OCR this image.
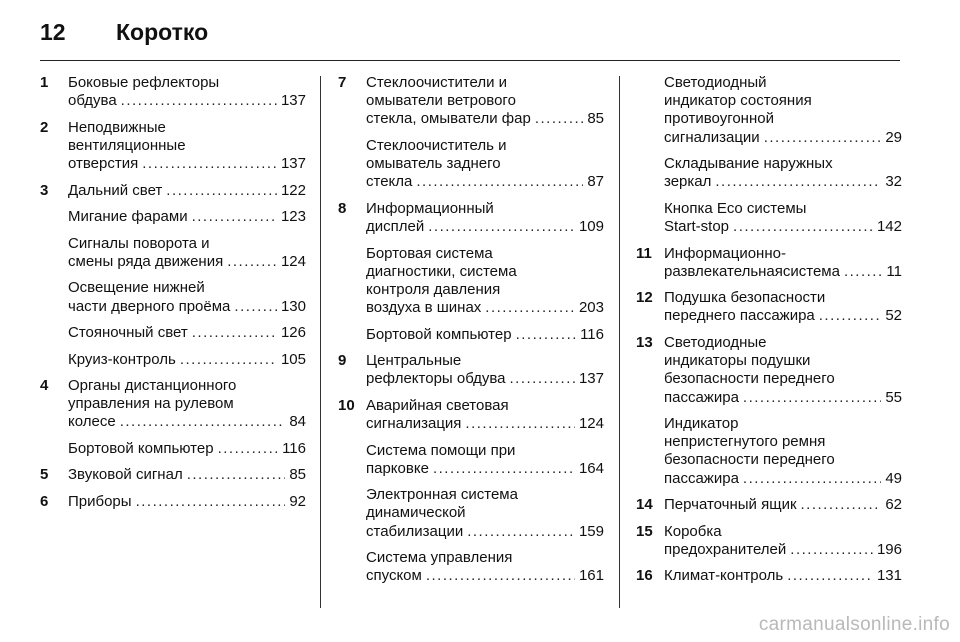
12	Коротко
1	Боковые рефлекторы
обдува .....	137
2	Неподвижные
вентиляционные
отверстия .....	137
3	Дальний свет .....	122
Мигание фарами .....	123
Сигналы поворота и
смены ряда движения .....	124
Освещение нижней
части дверного проёма .....	130
Стояночный свет .....	126
Круиз-контроль .....	105
4	Органы дистанционного
управления на рулевом
колесе .....	84
Бортовой компьютер .....	116
5	Звуковой сигнал .....	85
6	Приборы .....	92
7	Стеклоочистители и
омыватели ветрового
стекла, омыватели фар .....	85
Стеклоочиститель и
омыватель заднего
стекла .....	87
8	Информационный
дисплей .....	109
Бортовая система
диагностики, система
контроля давления
воздуха в шинах .....	203
Бортовой компьютер .....	116
9	Центральные
рефлекторы обдува .....	137
10 Аварийная световая
сигнализация .....	124
Система помощи при
парковке .....	164
Электронная система
динамической
стабилизации .....	159
Система управления
спуском .....	161
Светодиодный
индикатор состояния
противоугонной
сигнализации .....	29
Складывание наружных
зеркал .....	32
Кнопка Eco системы
Start-stop .....	142
11 Информационно-
развлекательнаясистема .....	11
12 Подушка безопасности
переднего пассажира .....	52
13 Светодиодные
индикаторы подушки
безопасности переднего
пассажира .....	55
Индикатор
непристегнутого ремня
безопасности переднего
пассажира .....	49
14 Перчаточный ящик .....	62
15 Коробка
предохранителей .....	196
16 Климат-контроль .....	131
carmanualsonline.info
